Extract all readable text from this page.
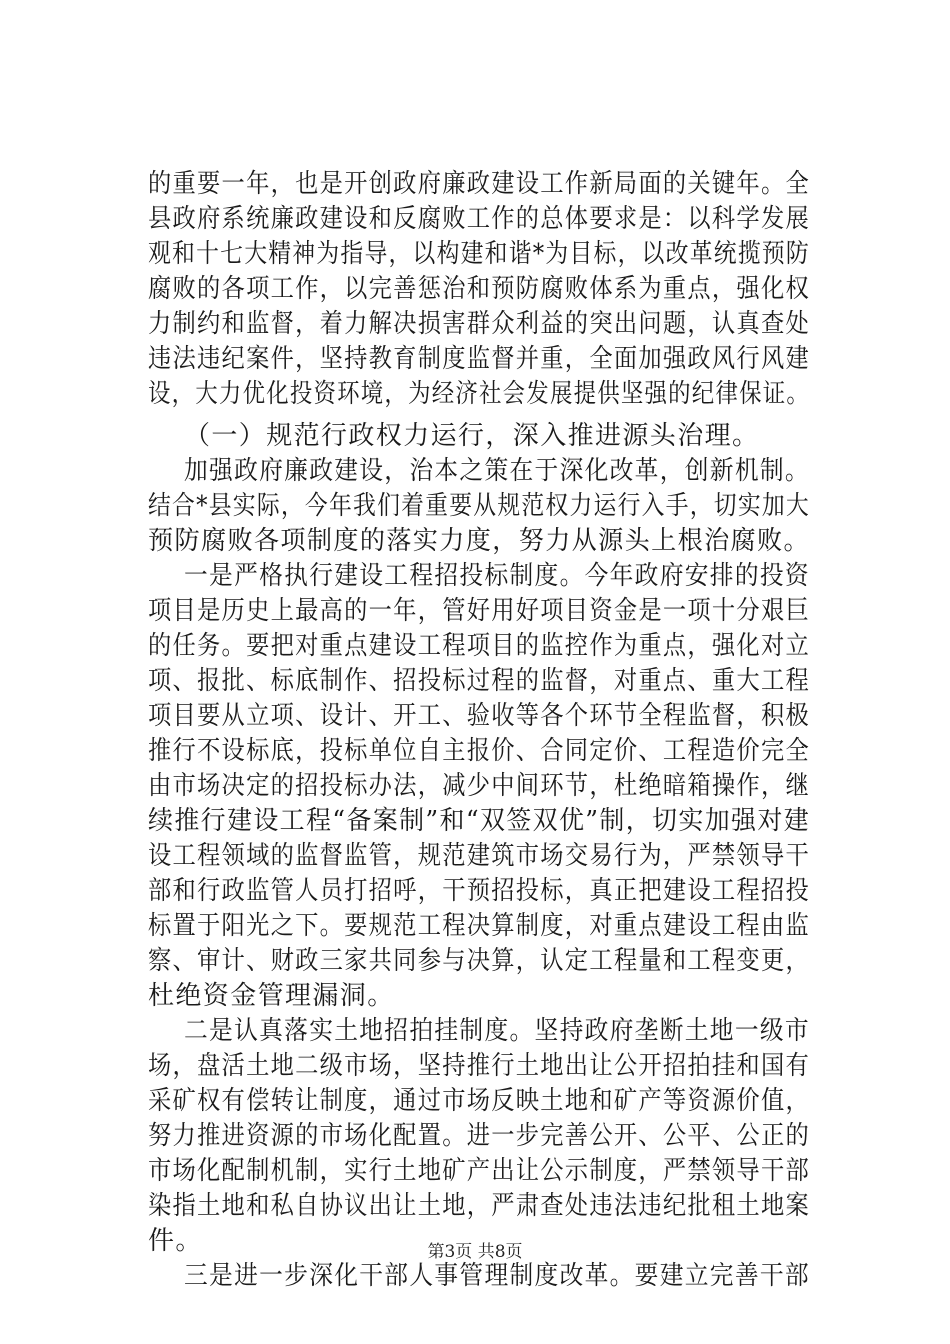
的重要一年，也是开创政府廉政建设工作新局面的关键年。全
县政府系统廉政建设和反腐败工作的总体要求是：以科学发展
观和十七大精神为指导，以构建和谐*为目标，以改革统揽预防
腐败的各项工作，以完善惩治和预防腐败体系为重点，强化权
力制约和监督，着力解决损害群众利益的突出问题，认真查处
违法违纪案件，坚持教育制度监督并重，全面加强政风行风建
设，大力优化投资环境，为经济社会发展提供坚强的纪律保证。
（一）规范行政权力运行，深入推进源头治理。
加强政府廉政建设，治本之策在于深化改革，创新机制。
结合*县实际，今年我们着重要从规范权力运行入手，切实加大
预防腐败各项制度的落实力度，努力从源头上根治腐败。
一是严格执行建设工程招投标制度。今年政府安排的投资
项目是历史上最高的一年，管好用好项目资金是一项十分艰巨
的任务。要把对重点建设工程项目的监控作为重点，强化对立
项、报批、标底制作、招投标过程的监督，对重点、重大工程
项目要从立项、设计、开工、验收等各个环节全程监督，积极
推行不设标底，投标单位自主报价、合同定价、工程造价完全
由市场决定的招投标办法，减少中间环节，杜绝暗箱操作，继
续推行建设工程“备案制”和“双签双优”制，切实加强对建
设工程领域的监督监管，规范建筑市场交易行为，严禁领导干
部和行政监管人员打招呼，干预招投标，真正把建设工程招投
标置于阳光之下。要规范工程决算制度，对重点建设工程由监
察、审计、财政三家共同参与决算，认定工程量和工程变更，
杜绝资金管理漏洞。
二是认真落实土地招拍挂制度。坚持政府垄断土地一级市
场，盘活土地二级市场，坚持推行土地出让公开招拍挂和国有
采矿权有偿转让制度，通过市场反映土地和矿产等资源价值，
努力推进资源的市场化配置。进一步完善公开、公平、公正的
市场化配制机制，实行土地矿产出让公示制度，严禁领导干部
染指土地和私自协议出让土地，严肃查处违法违纪批租土地案
件。
三是进一步深化干部人事管理制度改革。要建立完善干部
第3页 共8页
